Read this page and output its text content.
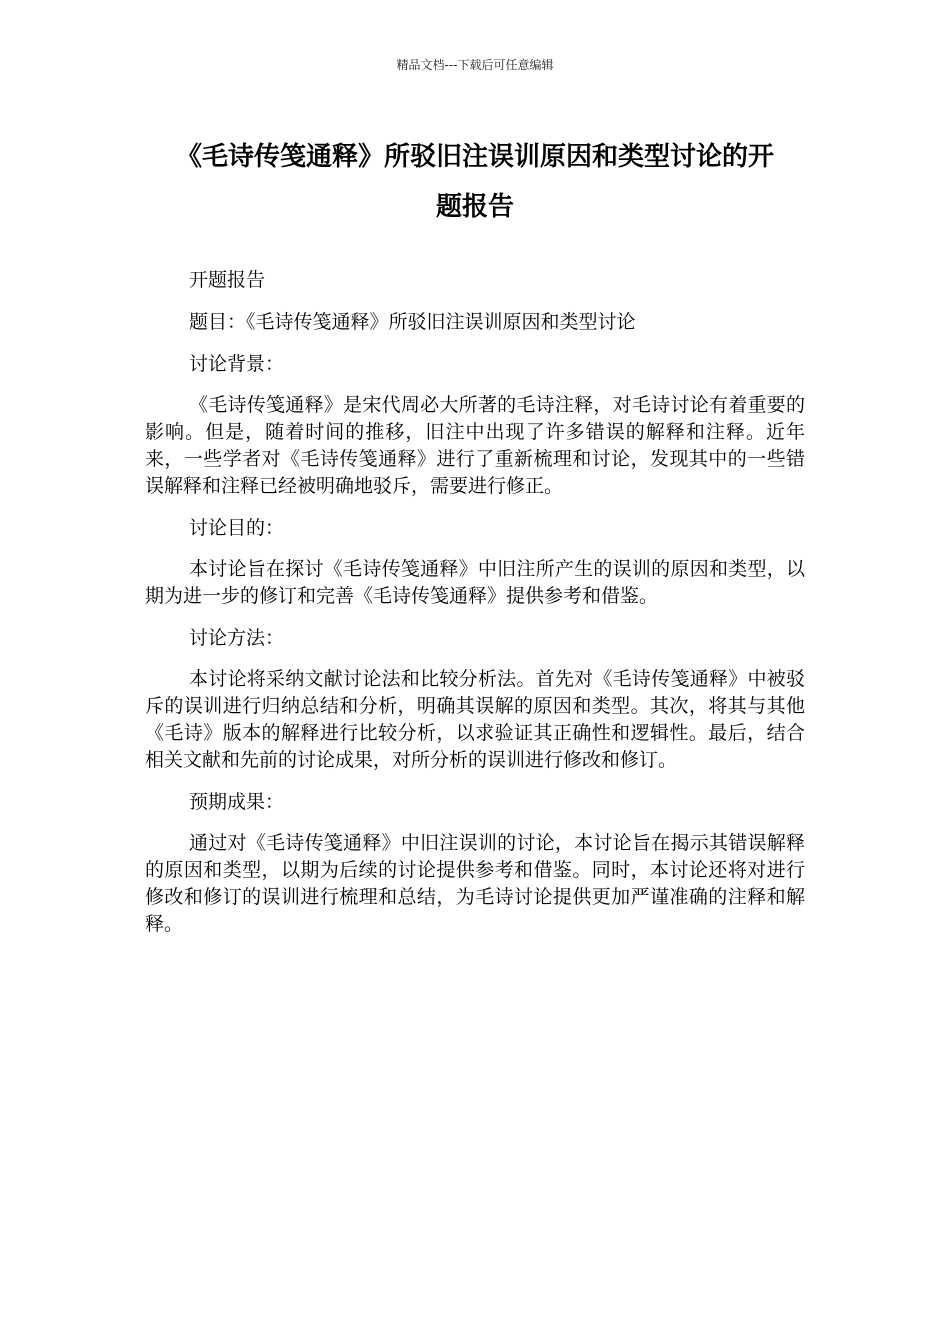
精品文档---下载后可任意编辑
《毛诗传笺通释》所驳旧注误训原因和类型讨论的开
题报告

开题报告

题目：《毛诗传笺通释》所驳旧注误训原因和类型讨论

讨论背景：

《毛诗传笺通释》是宋代周必大所著的毛诗注释，对毛诗讨论有着重要的影响。但是，随着时间的推移，旧注中出现了许多错误的解释和注释。近年来，一些学者对《毛诗传笺通释》进行了重新梳理和讨论，发现其中的一些错误解释和注释已经被明确地驳斥，需要进行修正。

讨论目的：

本讨论旨在探讨《毛诗传笺通释》中旧注所产生的误训的原因和类型，以期为进一步的修订和完善《毛诗传笺通释》提供参考和借鉴。

讨论方法：

本讨论将采纳文献讨论法和比较分析法。首先对《毛诗传笺通释》中被驳斥的误训进行归纳总结和分析，明确其误解的原因和类型。其次，将其与其他《毛诗》版本的解释进行比较分析，以求验证其正确性和逻辑性。最后，结合相关文献和先前的讨论成果，对所分析的误训进行修改和修订。

预期成果：

通过对《毛诗传笺通释》中旧注误训的讨论，本讨论旨在揭示其错误解释的原因和类型，以期为后续的讨论提供参考和借鉴。同时，本讨论还将对进行修改和修订的误训进行梳理和总结，为毛诗讨论提供更加严谨准确的注释和解释。
